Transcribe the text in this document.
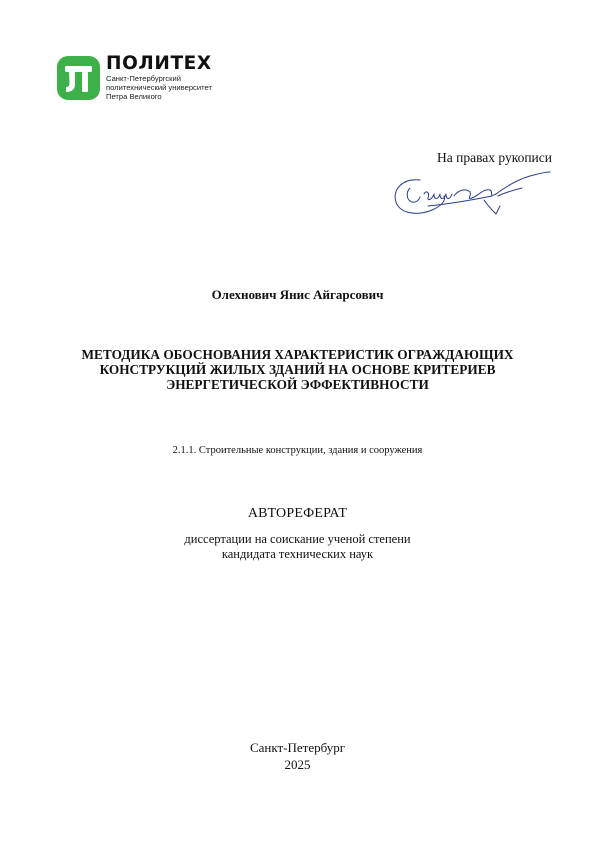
ПОЛИТЕХ
Санкт-Петербургский
политехнический университет
Петра Великого
На правах рукописи
Олехнович Янис Айгарсович
МЕТОДИКА ОБОСНОВАНИЯ ХАРАКТЕРИСТИК ОГРАЖДАЮЩИХ
КОНСТРУКЦИЙ ЖИЛЫХ ЗДАНИЙ НА ОСНОВЕ КРИТЕРИЕВ
ЭНЕРГЕТИЧЕСКОЙ ЭФФЕКТИВНОСТИ
2.1.1. Строительные конструкции, здания и сооружения
АВТОРЕФЕРАТ
диссертации на соискание ученой степени
кандидата технических наук
Санкт-Петербург
2025
